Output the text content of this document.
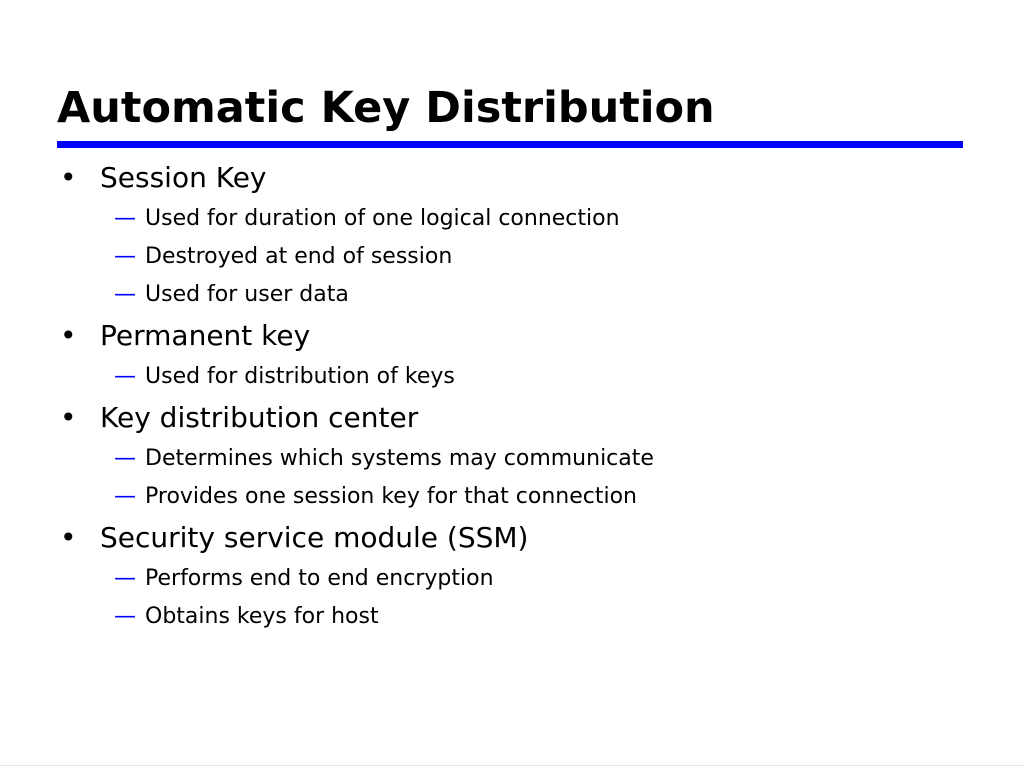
Automatic Key Distribution
• Session Key
— Used for duration of one logical connection
— Destroyed at end of session
— Used for user data
• Permanent key
— Used for distribution of keys
• Key distribution center
— Determines which systems may communicate
— Provides one session key for that connection
• Security service module (SSM)
— Performs end to end encryption
— Obtains keys for host
